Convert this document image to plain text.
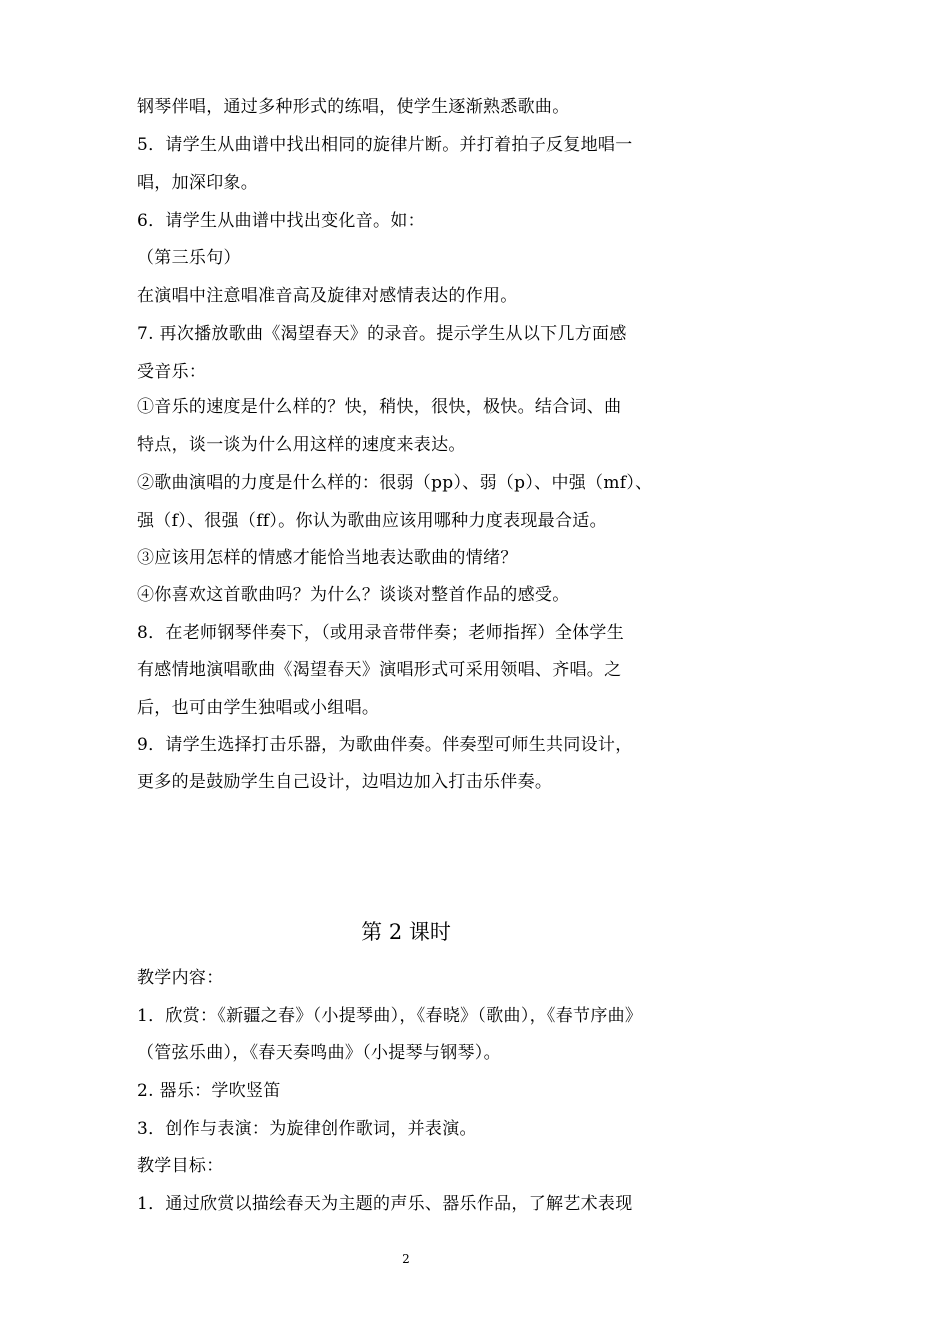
钢琴伴唱，通过多种形式的练唱，使学生逐渐熟悉歌曲。
5．请学生从曲谱中找出相同的旋律片断。并打着拍子反复地唱一
唱，加深印象。
6．请学生从曲谱中找出变化音。如：
（第三乐句）
在演唱中注意唱准音高及旋律对感情表达的作用。
7. 再次播放歌曲《渴望春天》的录音。提示学生从以下几方面感
受音乐：
①音乐的速度是什么样的？快，稍快，很快，极快。结合词、曲
特点，谈一谈为什么用这样的速度来表达。
②歌曲演唱的力度是什么样的：很弱（pp）、弱（p）、中强（mf）、
强（f）、很强（ff）。你认为歌曲应该用哪种力度表现最合适。
③应该用怎样的情感才能恰当地表达歌曲的情绪？
④你喜欢这首歌曲吗？为什么？谈谈对整首作品的感受。
8．在老师钢琴伴奏下，（或用录音带伴奏；老师指挥）全体学生
有感情地演唱歌曲《渴望春天》演唱形式可采用领唱、齐唱。之
后，也可由学生独唱或小组唱。
9．请学生选择打击乐器，为歌曲伴奏。伴奏型可师生共同设计，
更多的是鼓励学生自己设计，边唱边加入打击乐伴奏。
第 2 课时
教学内容：
1．欣赏：《新疆之春》（小提琴曲），《春晓》（歌曲），《春节序曲》
（管弦乐曲），《春天奏鸣曲》（小提琴与钢琴）。
2. 器乐：学吹竖笛
3．创作与表演：为旋律创作歌词，并表演。
教学目标：
1．通过欣赏以描绘春天为主题的声乐、器乐作品，了解艺术表现
2
